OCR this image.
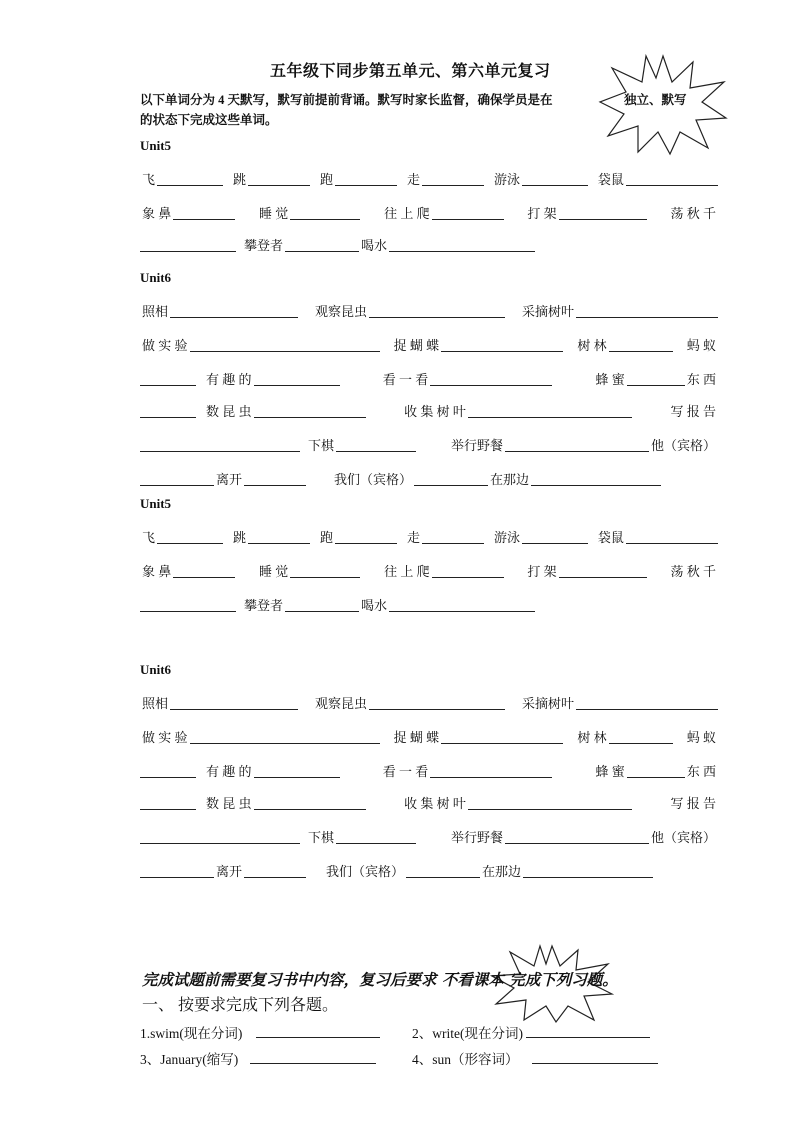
五年级下同步第五单元、第六单元复习
以下单词分为 4 天默写，默写前提前背诵。默写时家长监督，确保学员是在	独立、默写
的状态下完成这些单词。
Unit5
飞	跳	跑	走	游泳	袋鼠
象 鼻	睡 觉	往 上 爬	打 架	荡 秋 千
攀登者	喝水
Unit6
照相	观察昆虫	采摘树叶
做 实 验	捉 蝴 蝶	树 林	蚂 蚁
有 趣 的	看 一 看	蜂 蜜	东 西
数 昆 虫	收 集 树 叶	写 报 告
下棋	举行野餐	他（宾格）
离开	我们（宾格）	在那边
Unit5
飞	跳	跑	走	游泳	袋鼠
象 鼻	睡 觉	往 上 爬	打 架	荡 秋 千
攀登者	喝水
Unit6
照相	观察昆虫	采摘树叶
做 实 验	捉 蝴 蝶	树 林	蚂 蚁
有 趣 的	看 一 看	蜂 蜜	东 西
数 昆 虫	收 集 树 叶	写 报 告
下棋	举行野餐	他（宾格）
离开	我们（宾格）	在那边
完成试题前需要复习书中内容，复习后要求 不看课本 完成下列习题。
一、 按要求完成下列各题。
1.swim(现在分词)	2、write(现在分词)
3、January(缩写)	4、sun（形容词）
